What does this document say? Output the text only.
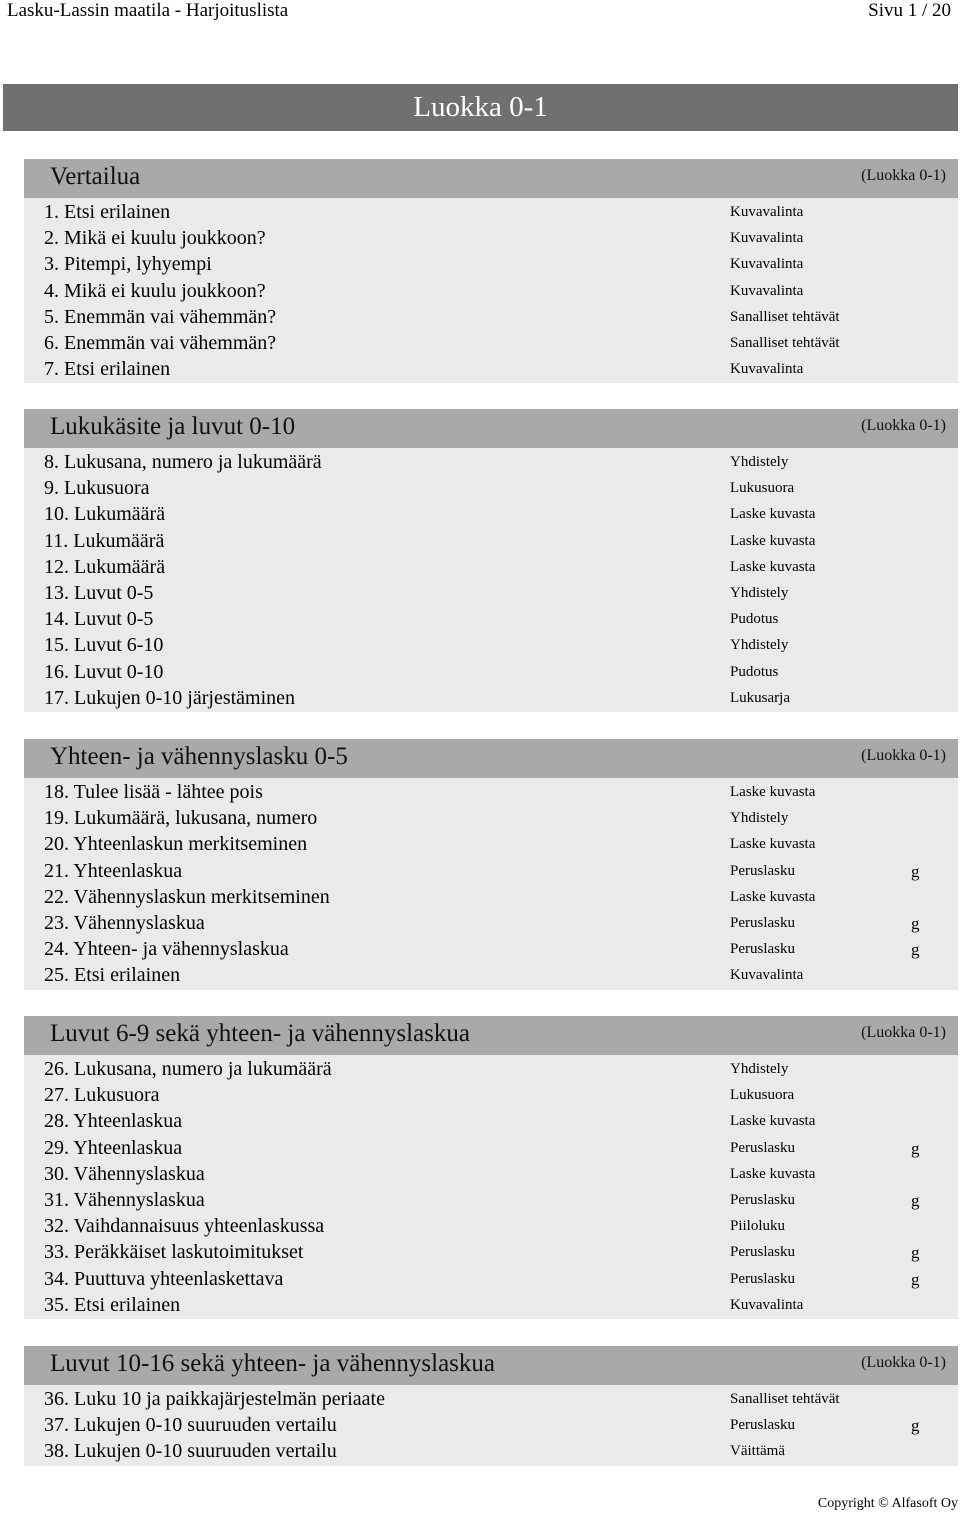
Lasku-Lassin maatila - Harjoituslista	Sivu 1 / 20
Luokka 0-1
Vertailua	(Luokka 0-1)
1. Etsi erilainen	Kuvavalinta
2. Mikä ei kuulu joukkoon?	Kuvavalinta
3. Pitempi, lyhyempi	Kuvavalinta
4. Mikä ei kuulu joukkoon?	Kuvavalinta
5. Enemmän vai vähemmän?	Sanalliset tehtävät
6. Enemmän vai vähemmän?	Sanalliset tehtävät
7. Etsi erilainen	Kuvavalinta
Lukukäsite ja luvut 0-10	(Luokka 0-1)
8. Lukusana, numero ja lukumäärä	Yhdistely
9. Lukusuora	Lukusuora
10. Lukumäärä	Laske kuvasta
11. Lukumäärä	Laske kuvasta
12. Lukumäärä	Laske kuvasta
13. Luvut 0-5	Yhdistely
14. Luvut 0-5	Pudotus
15. Luvut 6-10	Yhdistely
16. Luvut 0-10	Pudotus
17. Lukujen 0-10 järjestäminen	Lukusarja
Yhteen- ja vähennyslasku 0-5	(Luokka 0-1)
18. Tulee lisää - lähtee pois	Laske kuvasta
19. Lukumäärä, lukusana, numero	Yhdistely
20. Yhteenlaskun merkitseminen	Laske kuvasta
21. Yhteenlaskua	Peruslasku	g
22. Vähennyslaskun merkitseminen	Laske kuvasta
23. Vähennyslaskua	Peruslasku	g
24. Yhteen- ja vähennyslaskua	Peruslasku	g
25. Etsi erilainen	Kuvavalinta
Luvut 6-9 sekä yhteen- ja vähennyslaskua	(Luokka 0-1)
26. Lukusana, numero ja lukumäärä	Yhdistely
27. Lukusuora	Lukusuora
28. Yhteenlaskua	Laske kuvasta
29. Yhteenlaskua	Peruslasku	g
30. Vähennyslaskua	Laske kuvasta
31. Vähennyslaskua	Peruslasku	g
32. Vaihdannaisuus yhteenlaskussa	Piiloluku
33. Peräkkäiset laskutoimitukset	Peruslasku	g
34. Puuttuva yhteenlaskettava	Peruslasku	g
35. Etsi erilainen	Kuvavalinta
Luvut 10-16 sekä yhteen- ja vähennyslaskua	(Luokka 0-1)
36. Luku 10 ja paikkajärjestelmän periaate	Sanalliset tehtävät
37. Lukujen 0-10 suuruuden vertailu	Peruslasku	g
38. Lukujen 0-10 suuruuden vertailu	Väittämä
Copyright © Alfasoft Oy
